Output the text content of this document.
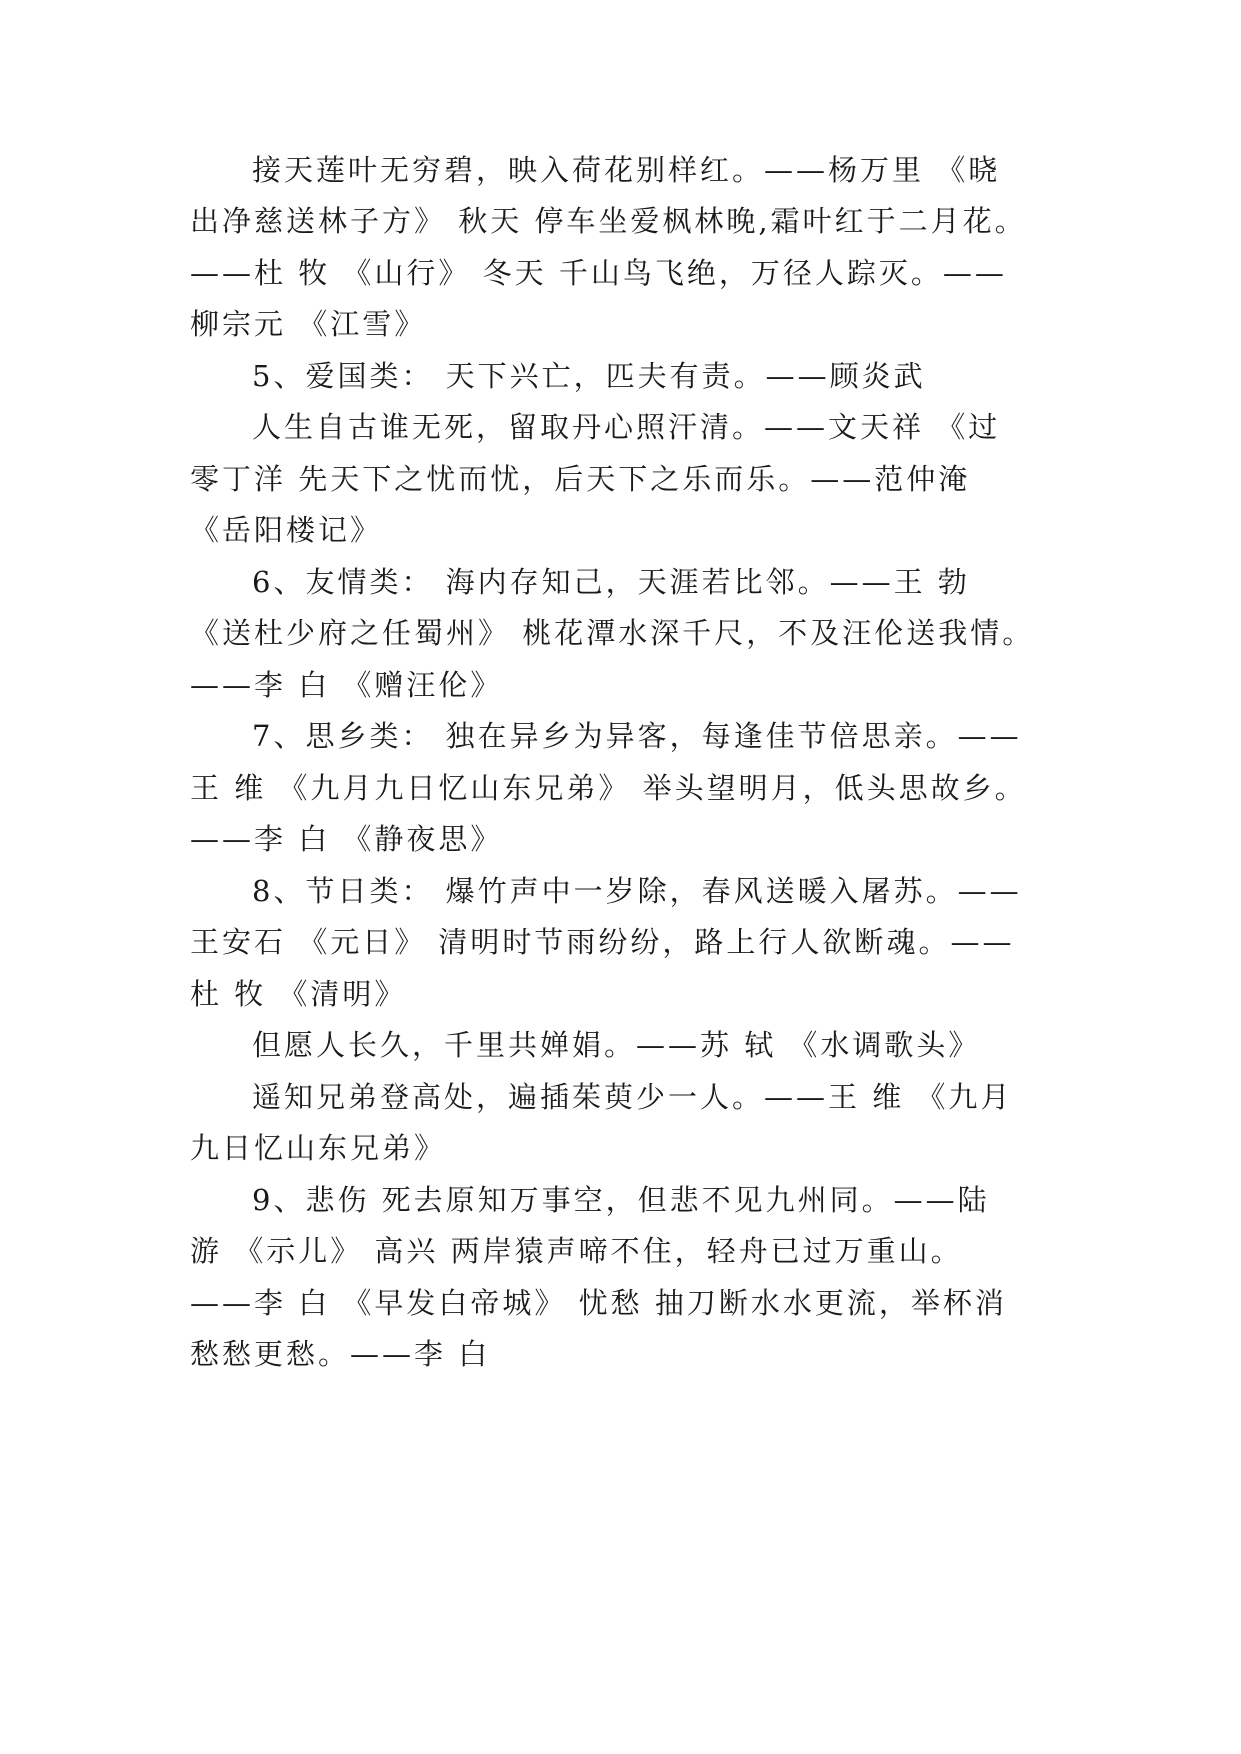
接天莲叶无穷碧，映入荷花别样红。——杨万里 《晓
出净慈送林子方》 秋天 停车坐爱枫林晚,霜叶红于二月花。
——杜 牧 《山行》 冬天 千山鸟飞绝，万径人踪灭。——
柳宗元 《江雪》
5、爱国类： 天下兴亡，匹夫有责。——顾炎武
人生自古谁无死，留取丹心照汗清。——文天祥 《过
零丁洋 先天下之忧而忧，后天下之乐而乐。——范仲淹
《岳阳楼记》
6、友情类： 海内存知己，天涯若比邻。——王 勃
《送杜少府之任蜀州》 桃花潭水深千尺，不及汪伦送我情。
——李 白 《赠汪伦》
7、思乡类： 独在异乡为异客，每逢佳节倍思亲。——
王 维 《九月九日忆山东兄弟》 举头望明月，低头思故乡。
——李 白 《静夜思》
8、节日类： 爆竹声中一岁除，春风送暖入屠苏。——
王安石 《元日》 清明时节雨纷纷，路上行人欲断魂。——
杜 牧 《清明》
但愿人长久，千里共婵娟。——苏 轼 《水调歌头》
遥知兄弟登高处，遍插茱萸少一人。——王 维 《九月
九日忆山东兄弟》
9、悲伤 死去原知万事空，但悲不见九州同。——陆
游 《示儿》 高兴 两岸猿声啼不住，轻舟已过万重山。
——李 白 《早发白帝城》 忧愁 抽刀断水水更流，举杯消
愁愁更愁。——李 白
